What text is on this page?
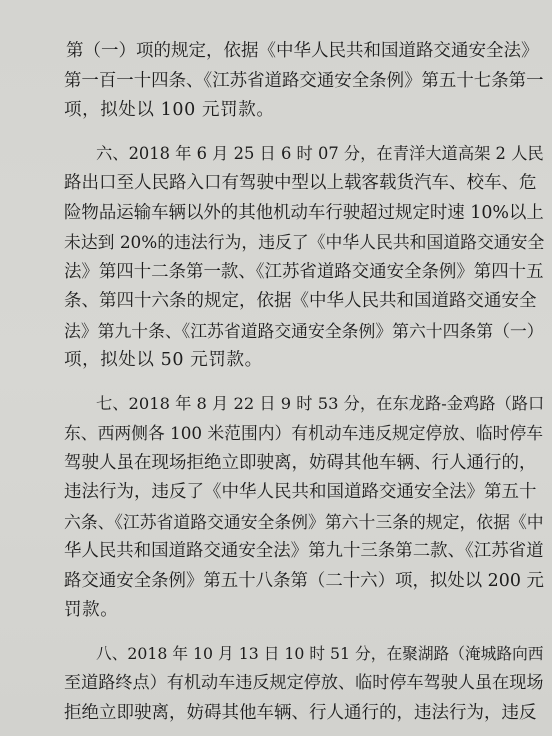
第（一）项的规定，依据《中华人民共和国道路交通安全法》
第一百一十四条、《江苏省道路交通安全条例》第五十七条第一
项，拟处以 100 元罚款。
六、2018 年 6 月 25 日 6 时 07 分，在青洋大道高架 2 人民
路出口至人民路入口有驾驶中型以上载客载货汽车、校车、危
险物品运输车辆以外的其他机动车行驶超过规定时速 10%以上
未达到 20%的违法行为，违反了《中华人民共和国道路交通安全
法》第四十二条第一款、《江苏省道路交通安全条例》第四十五
条、第四十六条的规定，依据《中华人民共和国道路交通安全
法》第九十条、《江苏省道路交通安全条例》第六十四条第（一）
项，拟处以 50 元罚款。
七、2018 年 8 月 22 日 9 时 53 分，在东龙路-金鸡路（路口
东、西两侧各 100 米范围内）有机动车违反规定停放、临时停车
驾驶人虽在现场拒绝立即驶离，妨碍其他车辆、行人通行的，
违法行为，违反了《中华人民共和国道路交通安全法》第五十
六条、《江苏省道路交通安全条例》第六十三条的规定，依据《中
华人民共和国道路交通安全法》第九十三条第二款、《江苏省道
路交通安全条例》第五十八条第（二十六）项，拟处以 200 元
罚款。
八、2018 年 10 月 13 日 10 时 51 分，在聚湖路（淹城路向西
至道路终点）有机动车违反规定停放、临时停车驾驶人虽在现场
拒绝立即驶离，妨碍其他车辆、行人通行的，违法行为，违反
